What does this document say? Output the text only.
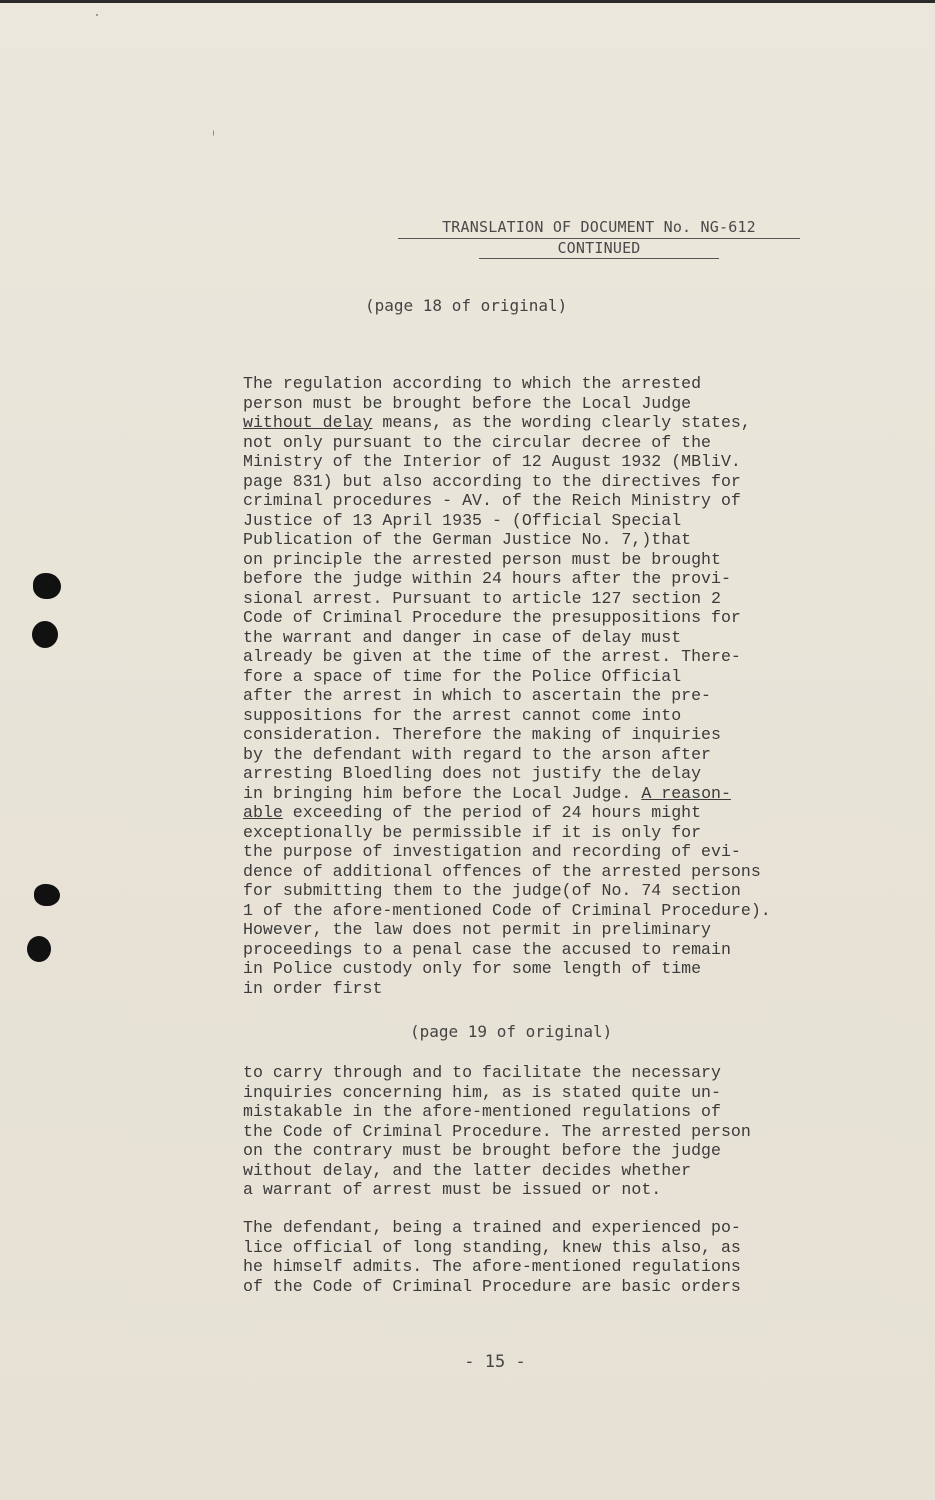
TRANSLATION OF DOCUMENT No. NG-612
CONTINUED
(page 18 of original)
The regulation according to which the arrested
person must be brought before the Local Judge
without delay means, as the wording clearly states,
not only pursuant to the circular decree of the
Ministry of the Interior of 12 August 1932 (MBliV.
page 831) but also according to the directives for
criminal procedures - AV. of the Reich Ministry of
Justice of 13 April 1935 - (Official Special
Publication of the German Justice No. 7,)that
on principle the arrested person must be brought
before the judge within 24 hours after the provi-
sional arrest. Pursuant to article 127 section 2
Code of Criminal Procedure the presuppositions for
the warrant and danger in case of delay must
already be given at the time of the arrest. There-
fore a space of time for the Police Official
after the arrest in which to ascertain the pre-
suppositions for the arrest cannot come into
consideration. Therefore the making of inquiries
by the defendant with regard to the arson after
arresting Bloedling does not justify the delay
in bringing him before the Local Judge. A reason-
able exceeding of the period of 24 hours might
exceptionally be permissible if it is only for
the purpose of investigation and recording of evi-
dence of additional offences of the arrested persons
for submitting them to the judge(of No. 74 section
1 of the afore-mentioned Code of Criminal Procedure).
However, the law does not permit in preliminary
proceedings to a penal case the accused to remain
in Police custody only for some length of time
in order first
(page 19 of original)
to carry through and to facilitate the necessary
inquiries concerning him, as is stated quite un-
mistakable in the afore-mentioned regulations of
the Code of Criminal Procedure. The arrested person
on the contrary must be brought before the judge
without delay, and the latter decides whether
a warrant of arrest must be issued or not.
The defendant, being a trained and experienced po-
lice official of long standing, knew this also, as
he himself admits. The afore-mentioned regulations
of the Code of Criminal Procedure are basic orders
- 15 -
